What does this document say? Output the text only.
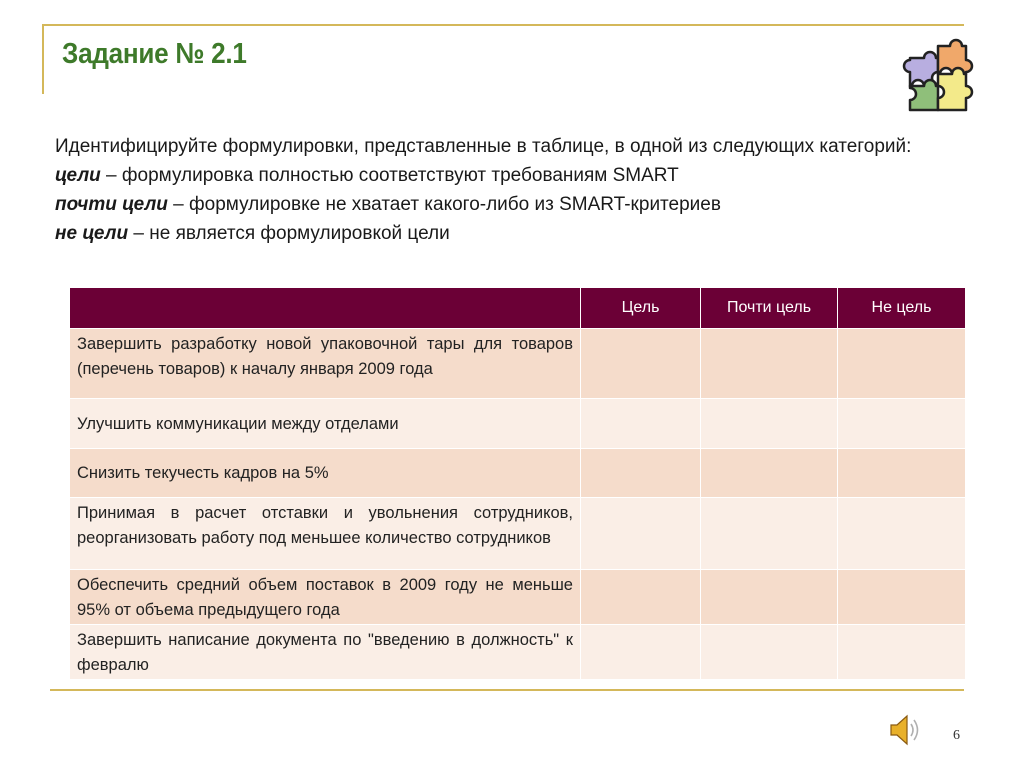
Задание № 2.1

Идентифицируйте формулировки, представленные в таблице, в одной из следующих категорий:

цели – формулировка полностью соответствуют требованиям SMART

почти цели – формулировке не хватает какого-либо из SMART-критериев

не цели – не является формулировкой цели

	Цель	Почти цель	Не цель
Завершить разработку новой упаковочной тары для товаров (перечень товаров) к началу января 2009 года			
Улучшить коммуникации между отделами			
Снизить текучесть кадров на 5%			
Принимая в расчет отставки и увольнения сотрудников, реорганизовать работу под меньшее количество сотрудников			
Обеспечить средний объем поставок в 2009 году не меньше 95% от объема предыдущего года			
Завершить написание документа по "введению в должность" к февралю			
6
